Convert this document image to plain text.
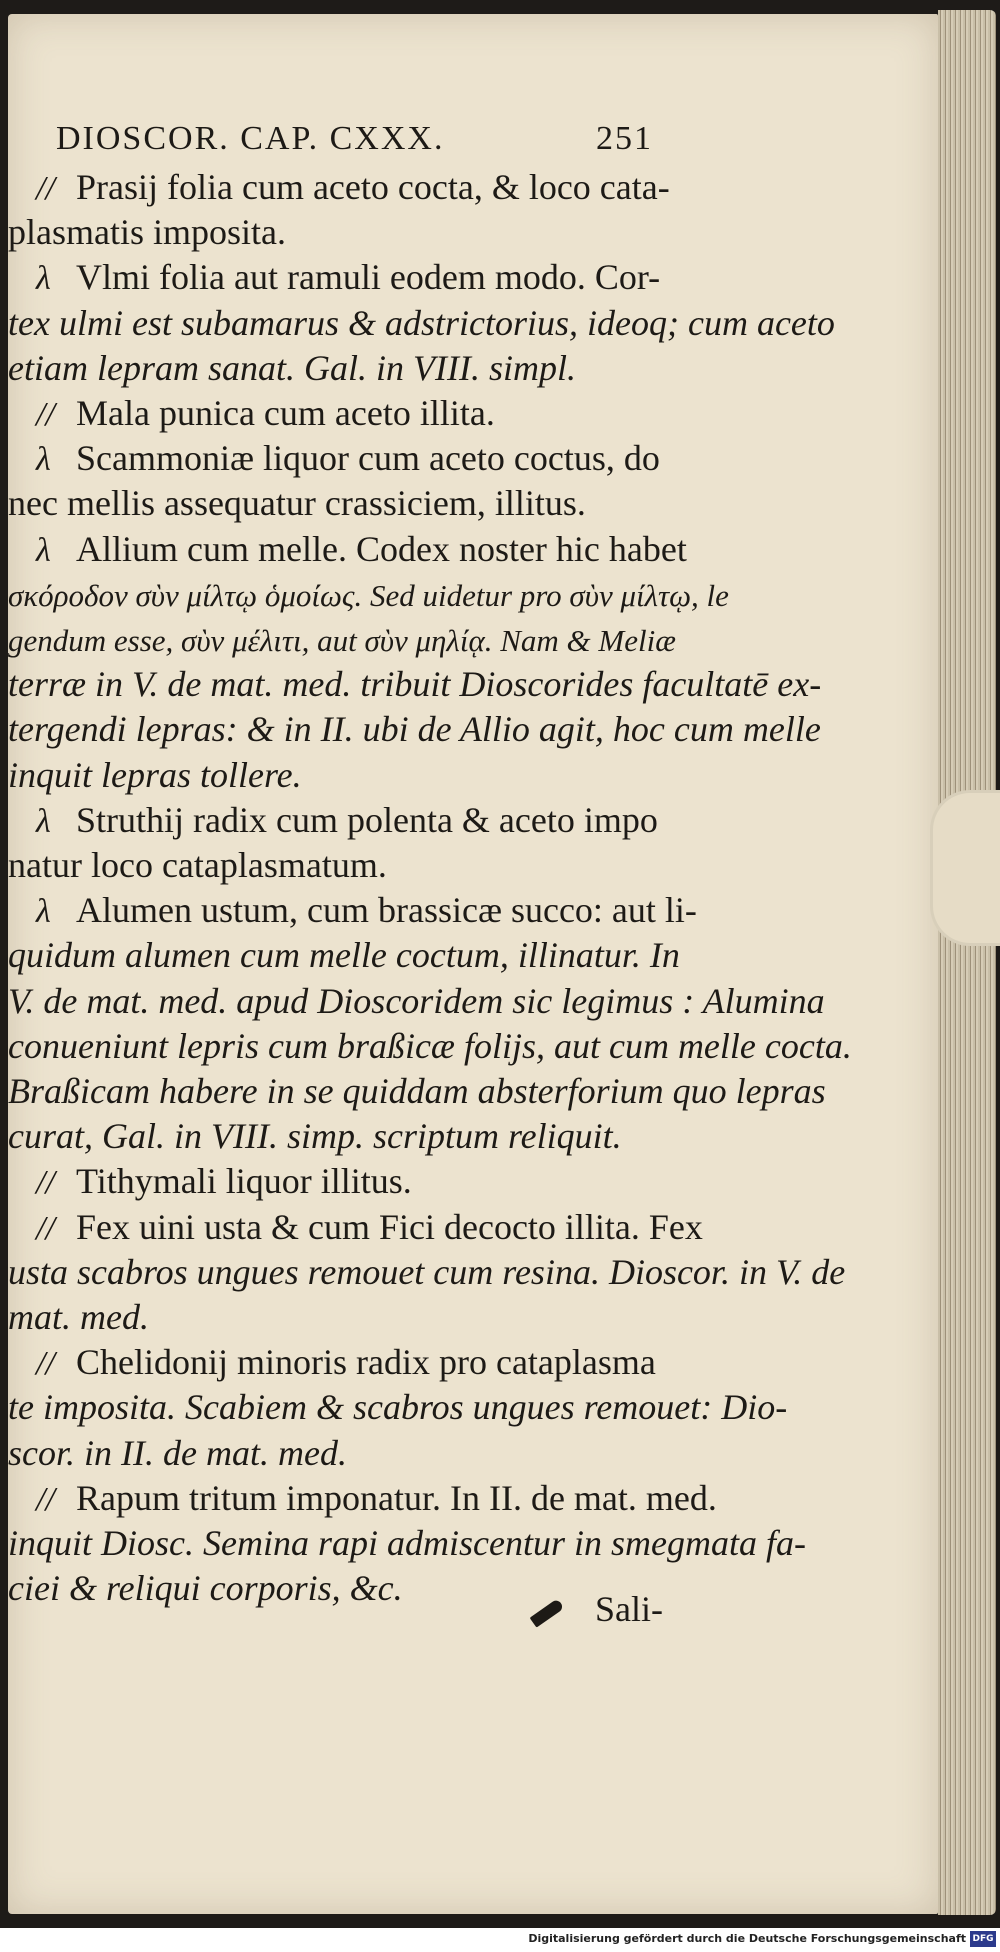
DIOSCOR. CAP. CXXX.	251
// Prasij folia cum aceto cocta, & loco cata-
plasmatis imposita.
λ Vlmi folia aut ramuli eodem modo. Cor-
tex ulmi est subamarus & adstrictorius, ideoq; cum aceto
etiam lepram sanat. Gal. in VIII. simpl.
// Mala punica cum aceto illita.
λ Scammoniæ liquor cum aceto coctus, do
nec mellis assequatur crassiciem, illitus.
λ Allium cum melle. Codex noster hic habet
σκόροδον σὺν μίλτῳ ὁμοίως. Sed uidetur pro σὺν μίλτῳ, le
gendum esse, σὺν μέλιτι, aut σὺν μηλίᾳ. Nam & Meliæ
terræ in V. de mat. med. tribuit Dioscorides facultatē ex-
tergendi lepras: & in II. ubi de Allio agit, hoc cum melle
inquit lepras tollere.
λ Struthij radix cum polenta & aceto impo
natur loco cataplasmatum.
λ Alumen ustum, cum brassicæ succo: aut li-
quidum alumen cum melle coctum, illinatur. In
V. de mat. med. apud Dioscoridem sic legimus : Alumina
conueniunt lepris cum braßicæ folijs, aut cum melle cocta.
Braßicam habere in se quiddam absterforium quo lepras
curat, Gal. in VIII. simp. scriptum reliquit.
// Tithymali liquor illitus.
// Fex uini usta & cum Fici decocto illita. Fex
usta scabros ungues remouet cum resina. Dioscor. in V. de
mat. med.
// Chelidonij minoris radix pro cataplasma
te imposita. Scabiem & scabros ungues remouet: Dio-
scor. in II. de mat. med.
// Rapum tritum imponatur. In II. de mat. med.
inquit Diosc. Semina rapi admiscentur in smegmata fa-
ciei & reliqui corporis, &c.
Sali-
Digitalisierung gefördert durch die Deutsche Forschungsgemeinschaft DFG
